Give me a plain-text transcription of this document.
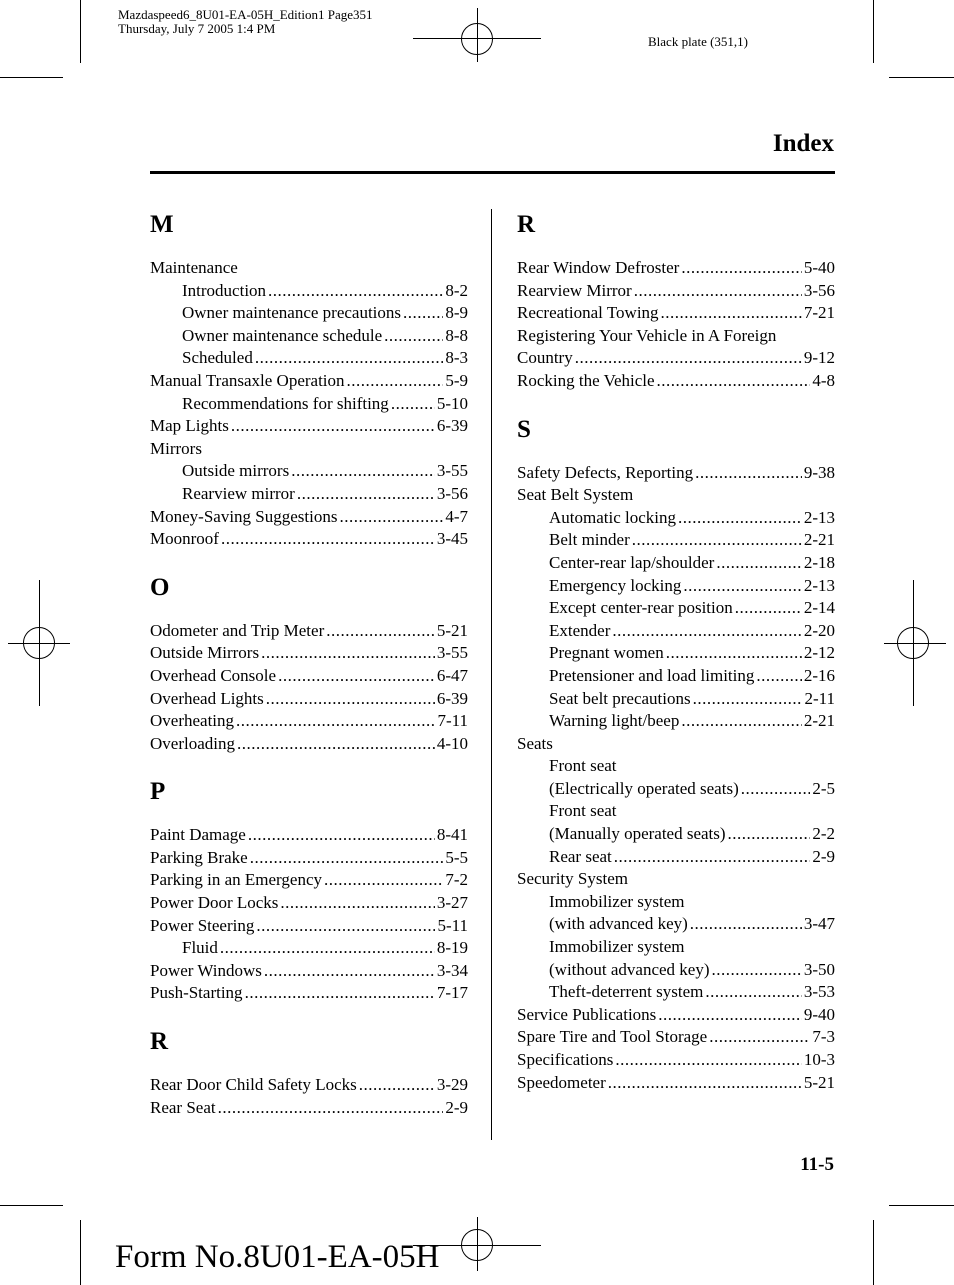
Mazdaspeed6_8U01-EA-05H_Edition1 Page351
Thursday, July 7 2005 1:4 PM
Black plate (351,1)
Index
M
Maintenance
Introduction .....	8-2
Owner maintenance precautions .....	8-9
Owner maintenance schedule .....	8-8
Scheduled .....	8-3
Manual Transaxle Operation .....	5-9
Recommendations for shifting .....	5-10
Map Lights .....	6-39
Mirrors
Outside mirrors .....	3-55
Rearview mirror .....	3-56
Money-Saving Suggestions .....	4-7
Moonroof .....	3-45
O
Odometer and Trip Meter .....	5-21
Outside Mirrors .....	3-55
Overhead Console .....	6-47
Overhead Lights .....	6-39
Overheating .....	7-11
Overloading .....	4-10
P
Paint Damage .....	8-41
Parking Brake .....	5-5
Parking in an Emergency .....	7-2
Power Door Locks .....	3-27
Power Steering .....	5-11
Fluid .....	8-19
Power Windows .....	3-34
Push-Starting .....	7-17
R
Rear Door Child Safety Locks .....	3-29
Rear Seat .....	2-9
R
Rear Window Defroster .....	5-40
Rearview Mirror .....	3-56
Recreational Towing .....	7-21
Registering Your Vehicle in A Foreign
Country .....	9-12
Rocking the Vehicle .....	4-8
S
Safety Defects, Reporting .....	9-38
Seat Belt System
Automatic locking .....	2-13
Belt minder .....	2-21
Center-rear lap/shoulder .....	2-18
Emergency locking .....	2-13
Except center-rear position .....	2-14
Extender .....	2-20
Pregnant women .....	2-12
Pretensioner and load limiting .....	2-16
Seat belt precautions .....	2-11
Warning light/beep .....	2-21
Seats
Front seat
(Electrically operated seats) .....	2-5
Front seat
(Manually operated seats) .....	2-2
Rear seat .....	2-9
Security System
Immobilizer system
(with advanced key) .....	3-47
Immobilizer system
(without advanced key) .....	3-50
Theft-deterrent system .....	3-53
Service Publications .....	9-40
Spare Tire and Tool Storage .....	7-3
Specifications .....	10-3
Speedometer .....	5-21
11-5
Form No.8U01-EA-05H
